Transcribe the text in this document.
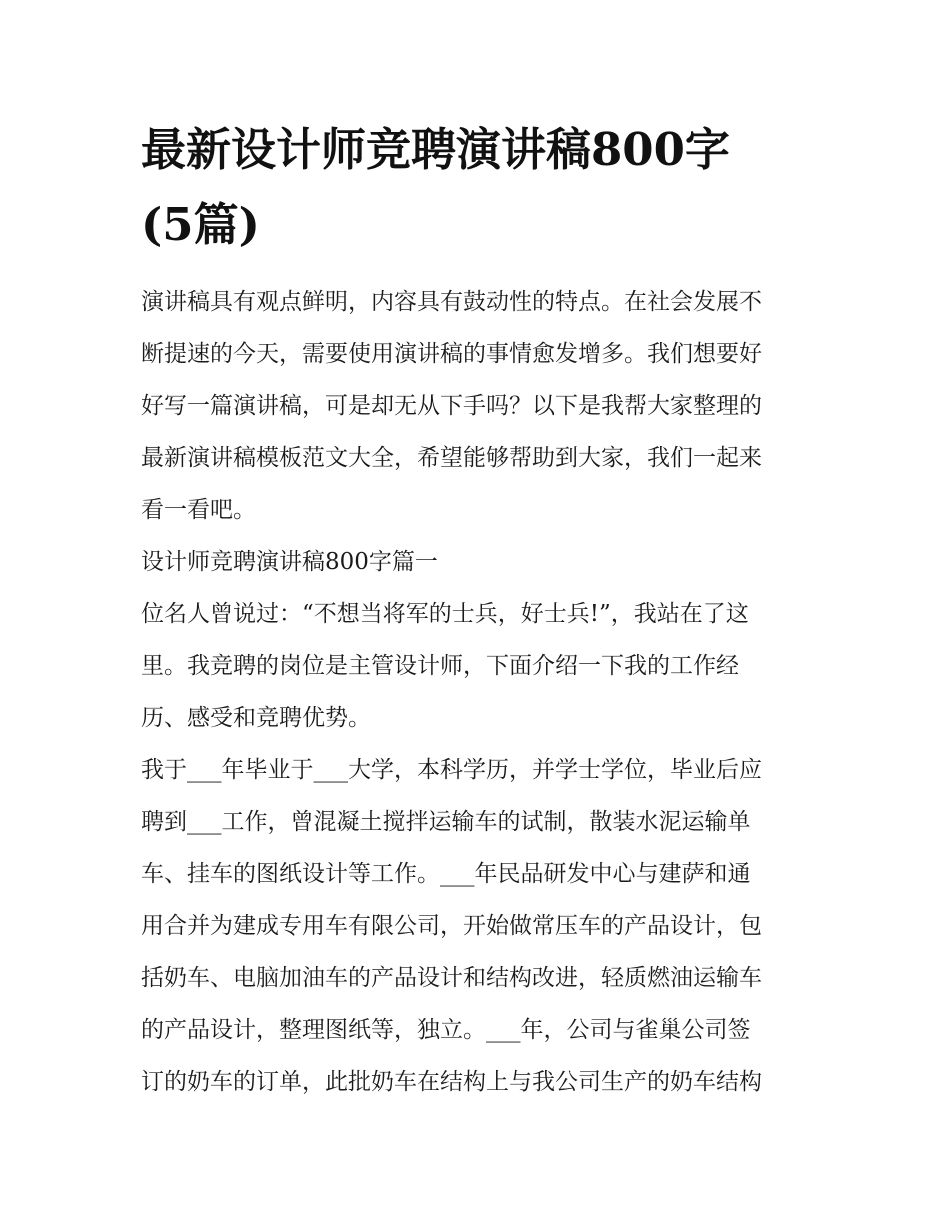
最新设计师竞聘演讲稿800字
(5篇)

演讲稿具有观点鲜明，内容具有鼓动性的特点。在社会发展不
断提速的今天，需要使用演讲稿的事情愈发增多。我们想要好
好写一篇演讲稿，可是却无从下手吗？以下是我帮大家整理的
最新演讲稿模板范文大全，希望能够帮助到大家，我们一起来
看一看吧。

设计师竞聘演讲稿800字篇一

位名人曾说过：“不想当将军的士兵，好士兵!”，我站在了这
里。我竞聘的岗位是主管设计师，下面介绍一下我的工作经
历、感受和竞聘优势。

我于___年毕业于___大学，本科学历，并学士学位，毕业后应
聘到___工作，曾混凝土搅拌运输车的试制，散装水泥运输单
车、挂车的图纸设计等工作。___年民品研发中心与建萨和通
用合并为建成专用车有限公司，开始做常压车的产品设计，包
括奶车、电脑加油车的产品设计和结构改进，轻质燃油运输车
的产品设计，整理图纸等，独立。___年，公司与雀巢公司签
订的奶车的订单，此批奶车在结构上与我公司生产的奶车结构
